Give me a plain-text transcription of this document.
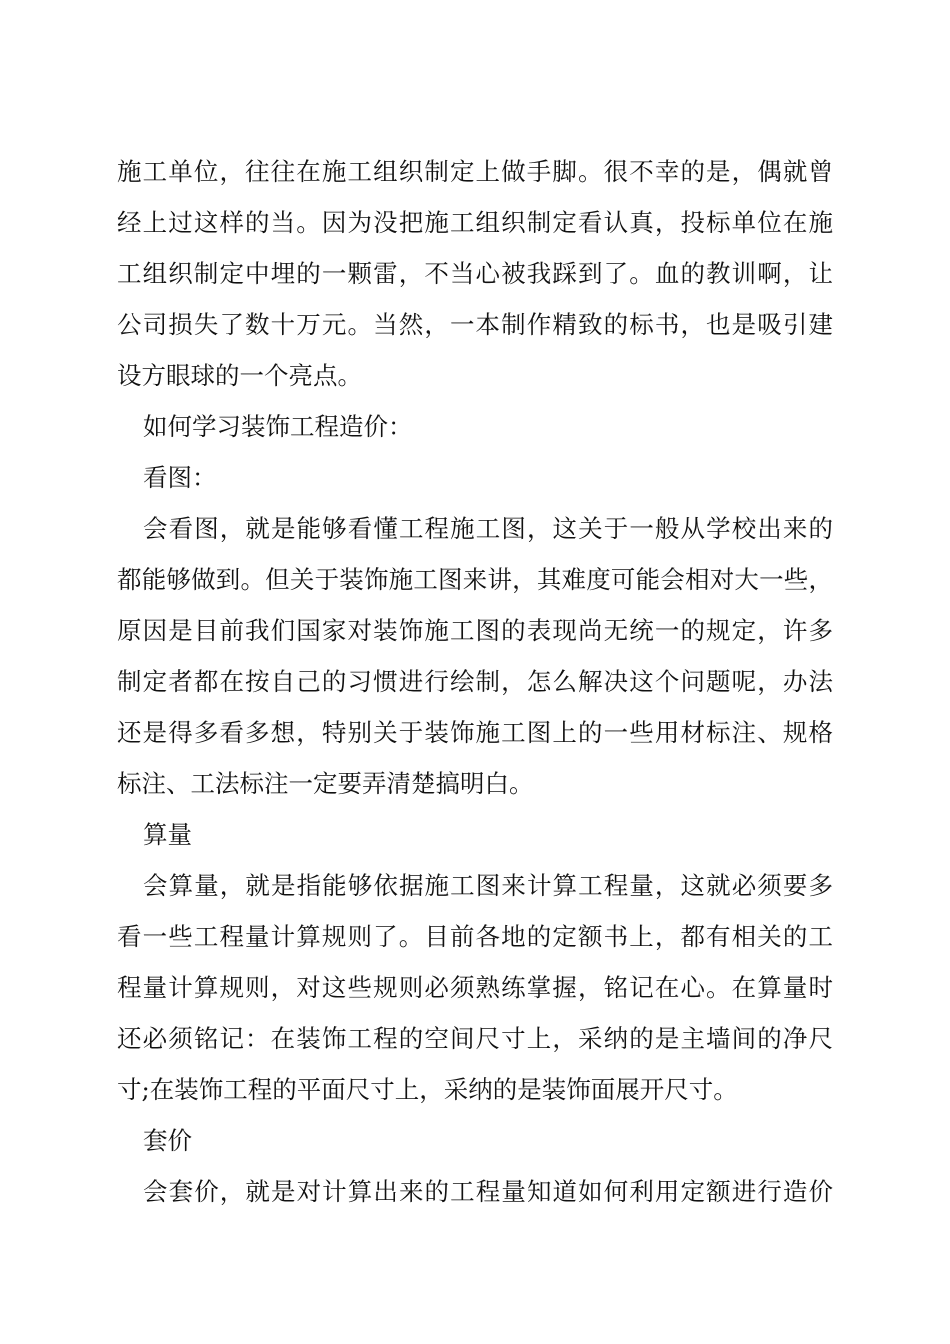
施工单位，往往在施工组织制定上做手脚。很不幸的是，偶就曾
经上过这样的当。因为没把施工组织制定看认真，投标单位在施
工组织制定中埋的一颗雷，不当心被我踩到了。血的教训啊，让
公司损失了数十万元。当然，一本制作精致的标书，也是吸引建
设方眼球的一个亮点。
如何学习装饰工程造价：
看图：
会看图，就是能够看懂工程施工图，这关于一般从学校出来的
都能够做到。但关于装饰施工图来讲，其难度可能会相对大一些，
原因是目前我们国家对装饰施工图的表现尚无统一的规定，许多
制定者都在按自己的习惯进行绘制，怎么解决这个问题呢，办法
还是得多看多想，特别关于装饰施工图上的一些用材标注、规格
标注、工法标注一定要弄清楚搞明白。
算量
会算量，就是指能够依据施工图来计算工程量，这就必须要多
看一些工程量计算规则了。目前各地的定额书上，都有相关的工
程量计算规则，对这些规则必须熟练掌握，铭记在心。在算量时
还必须铭记：在装饰工程的空间尺寸上，采纳的是主墙间的净尺
寸;在装饰工程的平面尺寸上，采纳的是装饰面展开尺寸。
套价
会套价，就是对计算出来的工程量知道如何利用定额进行造价
